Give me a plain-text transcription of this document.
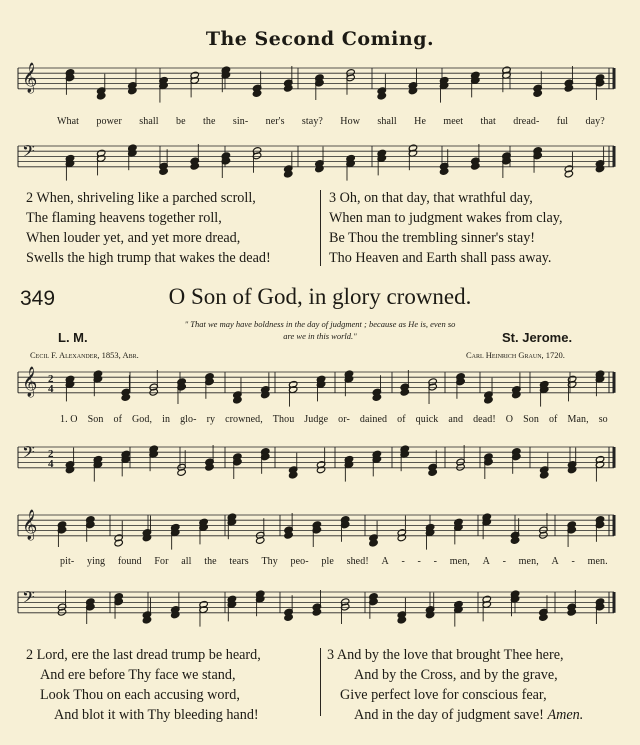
𝄞
𝄢
𝄞
𝄢
2
4
2
4
𝄞
𝄢
The Second Coming.
What power shall be the sin- ner's stay? How shall He meet that dread- ful day?
2 When, shriveling like a parched scroll,
The flaming heavens together roll,
When louder yet, and yet more dread,
Swells the high trump that wakes the dead!
3 Oh, on that day, that wrathful day,
When man to judgment wakes from clay,
Be Thou the trembling sinner's stay!
Tho Heaven and Earth shall pass away.
349	O Son of God, in glory crowned.
L. M.	St. Jerome.
" That we may have boldness in the day of judgment ; because as He is, even so
are we in this world."
Cecil F. Alexander, 1853, Abr.	Carl Heinrich Graun, 1720.
1. O Son of God, in glo- ry crowned, Thou Judge or- dained of quick and dead! O Son of Man, so
pit- ying found For all the tears Thy peo- ple shed! A - - - men, A - men, A - men.
2 Lord, ere the last dread trump be heard,
And ere before Thy face we stand,
Look Thou on each accusing word,
And blot it with Thy bleeding hand!
3 And by the love that brought Thee here,
And by the Cross, and by the grave,
Give perfect love for conscious fear,
And in the day of judgment save! Amen.
